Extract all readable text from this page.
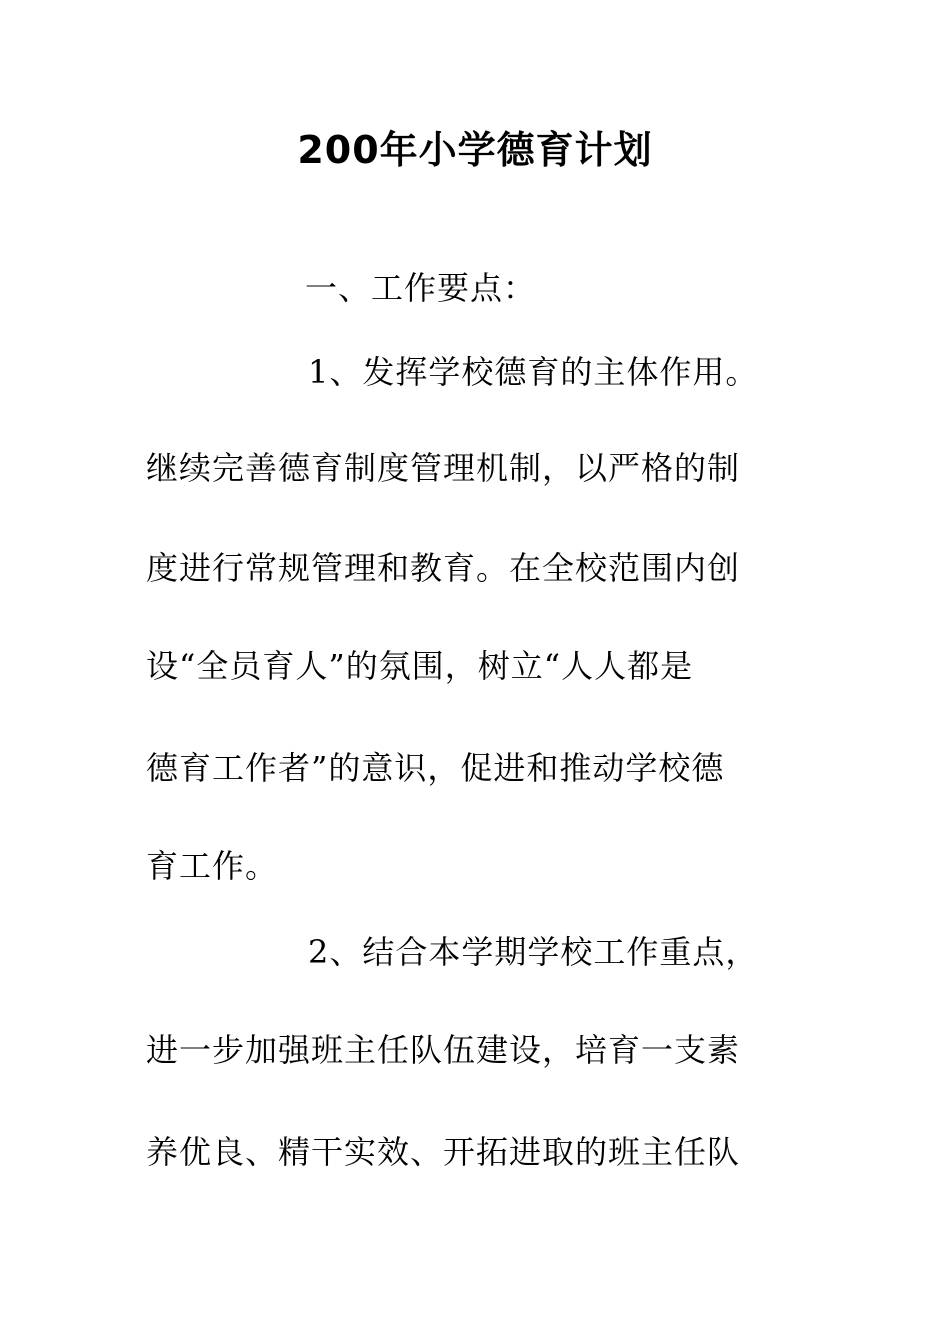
200年小学德育计划
一、工作要点：
1、发挥学校德育的主体作用。
继续完善德育制度管理机制，以严格的制
度进行常规管理和教育。在全校范围内创
设“全员育人”的氛围，树立“人人都是
德育工作者”的意识，促进和推动学校德
育工作。
2、结合本学期学校工作重点，
进一步加强班主任队伍建设，培育一支素
养优良、精干实效、开拓进取的班主任队
